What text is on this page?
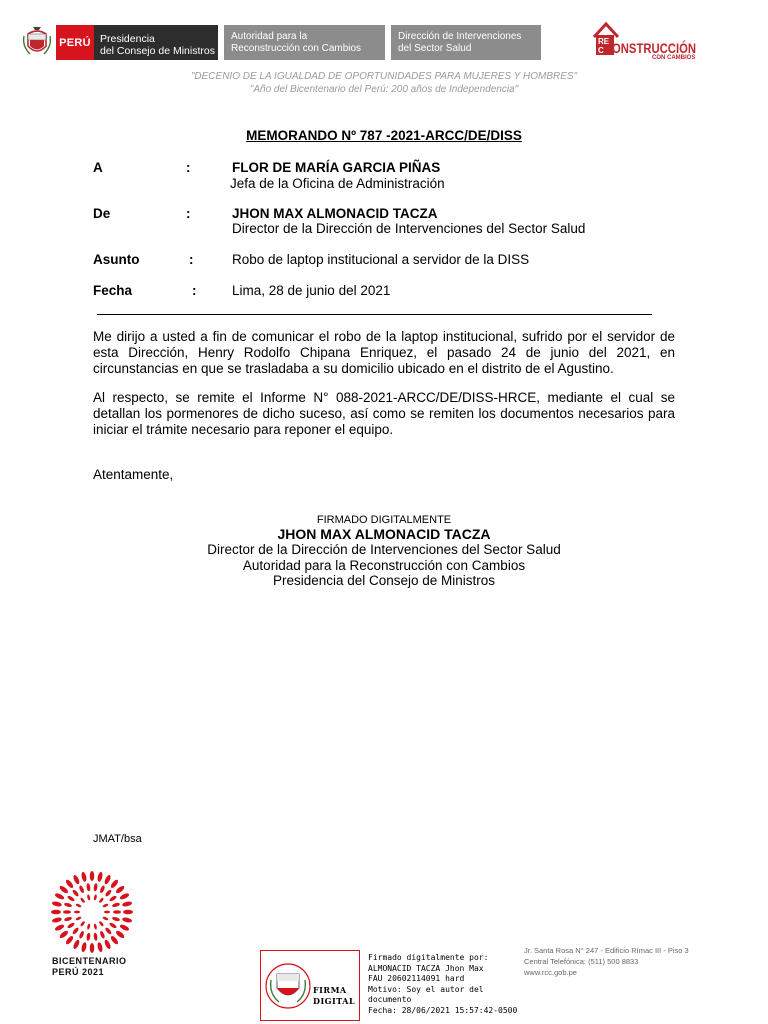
PERÚ Presidencia
del Consejo de Ministros
Autoridad para la
Reconstrucción con Cambios
Dirección de Intervenciones
del Sector Salud
RE
C ONSTRUCCIÓN
CON CAMBIOS
"DECENIO DE LA IGUALDAD DE OPORTUNIDADES PARA MUJERES Y HOMBRES"
"Año del Bicentenario del Perú: 200 años de Independencia"
MEMORANDO Nº 787 -2021-ARCC/DE/DISS
A	:	FLOR DE MARÍA GARCIA PIÑAS
Jefa de la Oficina de Administración
De	:	JHON MAX ALMONACID TACZA
Director de la Dirección de Intervenciones del Sector Salud
Asunto	:	Robo de laptop institucional a servidor de la DISS
Fecha	:	Lima, 28 de junio del 2021
Me dirijo a usted a fin de comunicar el robo de la laptop institucional, sufrido por el servidor de esta Dirección, Henry Rodolfo Chipana Enriquez, el pasado 24 de junio del 2021, en circunstancias en que se trasladaba a su domicilio ubicado en el distrito de el Agustino.
Al respecto, se remite el Informe N° 088-2021-ARCC/DE/DISS-HRCE, mediante el cual se detallan los pormenores de dicho suceso, así como se remiten los documentos necesarios para iniciar el trámite necesario para reponer el equipo.
Atentamente,
FIRMADO DIGITALMENTE
JHON MAX ALMONACID TACZA
Director de la Dirección de Intervenciones del Sector Salud
Autoridad para la Reconstrucción con Cambios
Presidencia del Consejo de Ministros
JMAT/bsa
BICENTENARIO
PERÚ 2021
FIRMA
DIGITAL
Firmado digitalmente por:
ALMONACID TACZA Jhon Max
FAU 20602114091 hard
Motivo: Soy el autor del
documento
Fecha: 28/06/2021 15:57:42-0500
Jr. Santa Rosa N° 247 - Edificio Rímac III - Piso 3
Central Telefónica: (511) 500 8833
www.rcc.gob.pe
